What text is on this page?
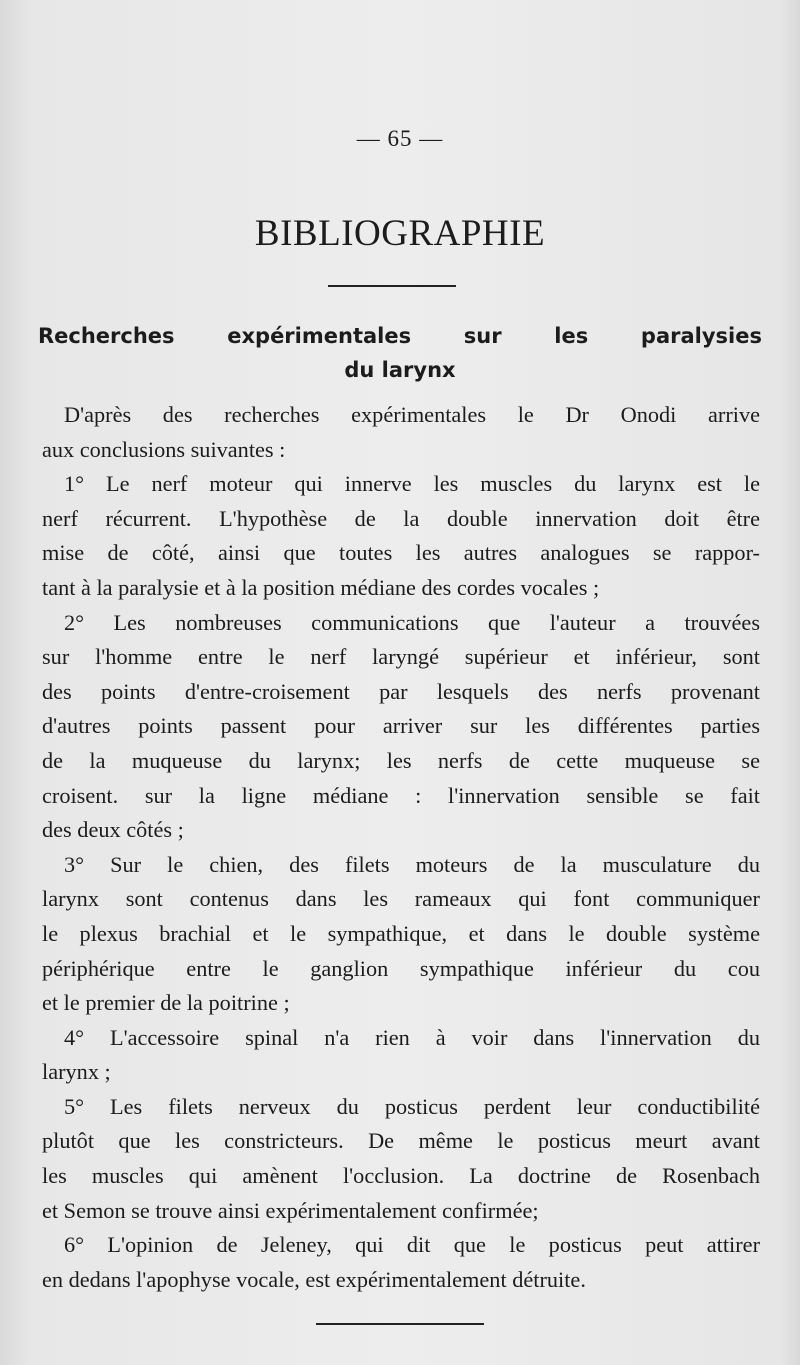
— 65 —
BIBLIOGRAPHIE
Recherches expérimentales sur les paralysies
du larynx
D'après des recherches expérimentales le Dr Onodi arrive
aux conclusions suivantes :
1° Le nerf moteur qui innerve les muscles du larynx est le
nerf récurrent. L'hypothèse de la double innervation doit être
mise de côté, ainsi que toutes les autres analogues se rappor-
tant à la paralysie et à la position médiane des cordes vocales ;
2° Les nombreuses communications que l'auteur a trouvées
sur l'homme entre le nerf laryngé supérieur et inférieur, sont
des points d'entre-croisement par lesquels des nerfs provenant
d'autres points passent pour arriver sur les différentes parties
de la muqueuse du larynx; les nerfs de cette muqueuse se
croisent. sur la ligne médiane : l'innervation sensible se fait
des deux côtés ;
3° Sur le chien, des filets moteurs de la musculature du
larynx sont contenus dans les rameaux qui font communiquer
le plexus brachial et le sympathique, et dans le double système
périphérique entre le ganglion sympathique inférieur du cou
et le premier de la poitrine ;
4° L'accessoire spinal n'a rien à voir dans l'innervation du
larynx ;
5° Les filets nerveux du posticus perdent leur conductibilité
plutôt que les constricteurs. De même le posticus meurt avant
les muscles qui amènent l'occlusion. La doctrine de Rosenbach
et Semon se trouve ainsi expérimentalement confirmée;
6° L'opinion de Jeleney, qui dit que le posticus peut attirer
en dedans l'apophyse vocale, est expérimentalement détruite.
